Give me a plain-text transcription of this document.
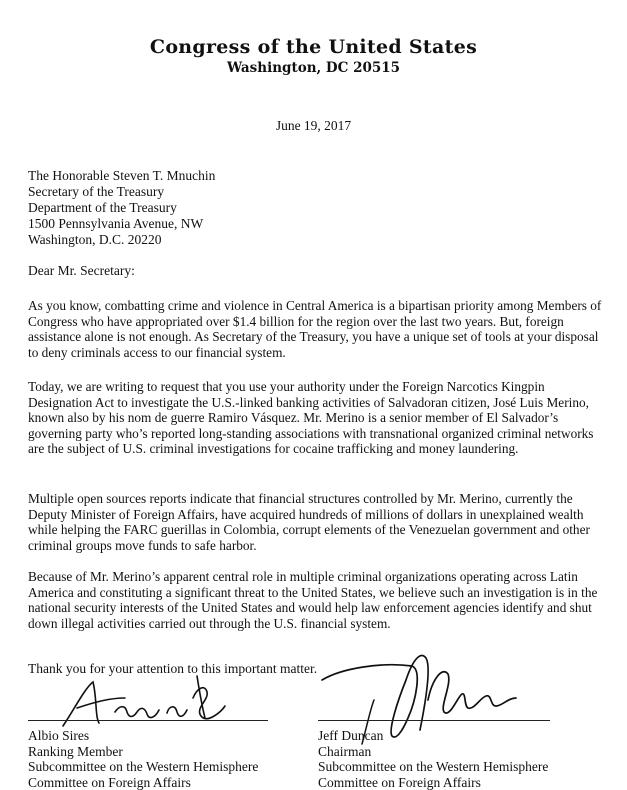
Congress of the United States
Washington, DC 20515
June 19, 2017
The Honorable Steven T. Mnuchin
Secretary of the Treasury
Department of the Treasury
1500 Pennsylvania Avenue, NW
Washington, D.C. 20220
Dear Mr. Secretary:

As you know, combatting crime and violence in Central America is a bipartisan priority among Members of Congress who have appropriated over $1.4 billion for the region over the last two years. But, foreign assistance alone is not enough. As Secretary of the Treasury, you have a unique set of tools at your disposal to deny criminals access to our financial system.

Today, we are writing to request that you use your authority under the Foreign Narcotics Kingpin Designation Act to investigate the U.S.-linked banking activities of Salvadoran citizen, José Luis Merino, known also by his nom de guerre Ramiro Vásquez. Mr. Merino is a senior member of El Salvador’s governing party who’s reported long-standing associations with transnational organized criminal networks are the subject of U.S. criminal investigations for cocaine trafficking and money laundering.

Multiple open sources reports indicate that financial structures controlled by Mr. Merino, currently the Deputy Minister of Foreign Affairs, have acquired hundreds of millions of dollars in unexplained wealth while helping the FARC guerillas in Colombia, corrupt elements of the Venezuelan government and other criminal groups move funds to safe harbor.

Because of Mr. Merino’s apparent central role in multiple criminal organizations operating across Latin America and constituting a significant threat to the United States, we believe such an investigation is in the national security interests of the United States and would help law enforcement agencies identify and shut down illegal activities carried out through the U.S. financial system.

Thank you for your attention to this important matter.
Albio Sires
Ranking Member
Subcommittee on the Western Hemisphere
Committee on Foreign Affairs
Jeff Duncan
Chairman
Subcommittee on the Western Hemisphere
Committee on Foreign Affairs
